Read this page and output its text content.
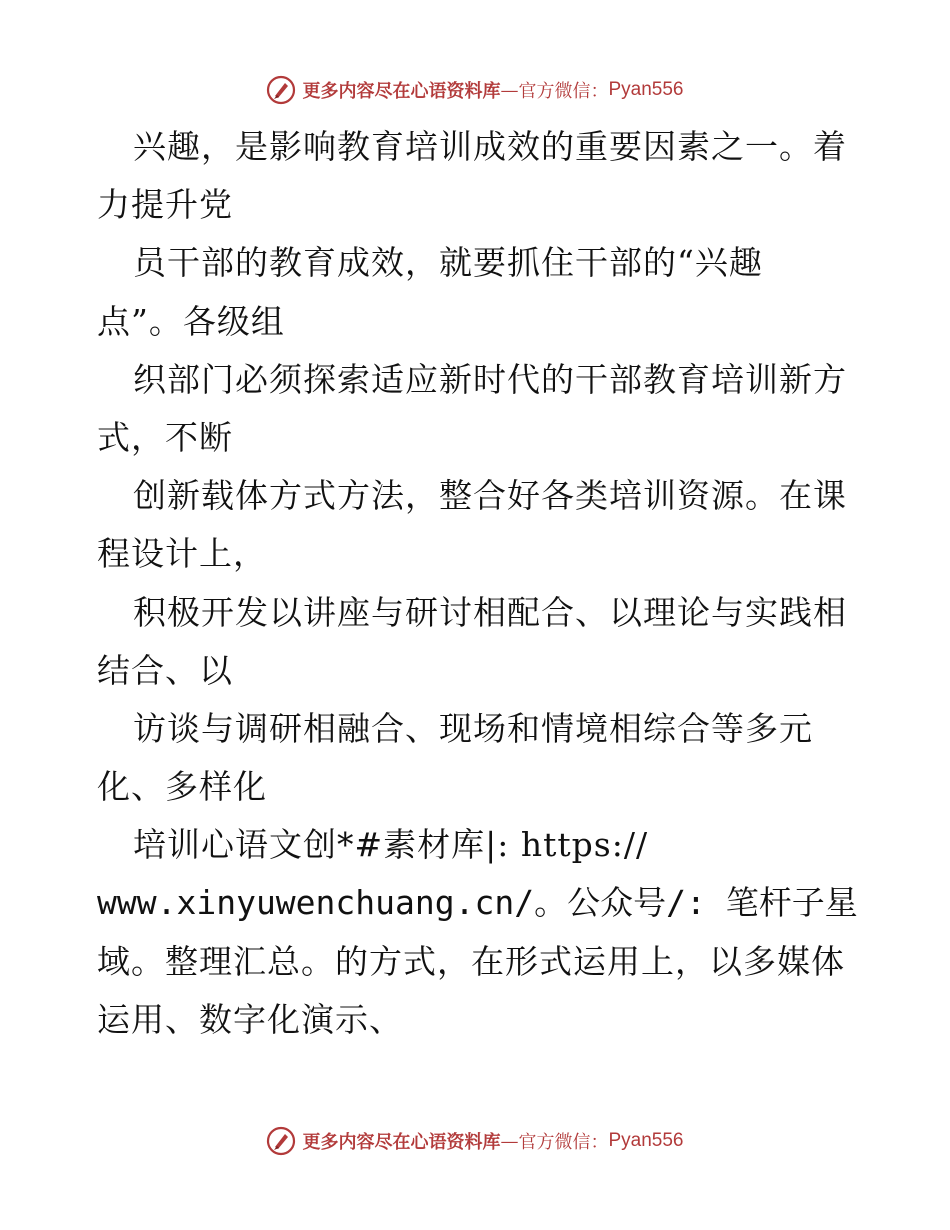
更多内容尽在心语资料库 — 官方微信： Pyan556
兴趣，是影响教育培训成效的重要因素之一。着
力提升党
员干部的教育成效，就要抓住干部的“兴趣
点”。各级组
织部门必须探索适应新时代的干部教育培训新方
式，不断
创新载体方式方法，整合好各类培训资源。在课
程设计上，
积极开发以讲座与研讨相配合、以理论与实践相
结合、以
访谈与调研相融合、现场和情境相综合等多元
化、多样化
培训心语文创*#素材库|: https://
www.xinyuwenchuang.cn/。公众号/: 笔杆子星
域。整理汇总。的方式，在形式运用上，以多媒体
运用、数字化演示、
更多内容尽在心语资料库 — 官方微信： Pyan556
